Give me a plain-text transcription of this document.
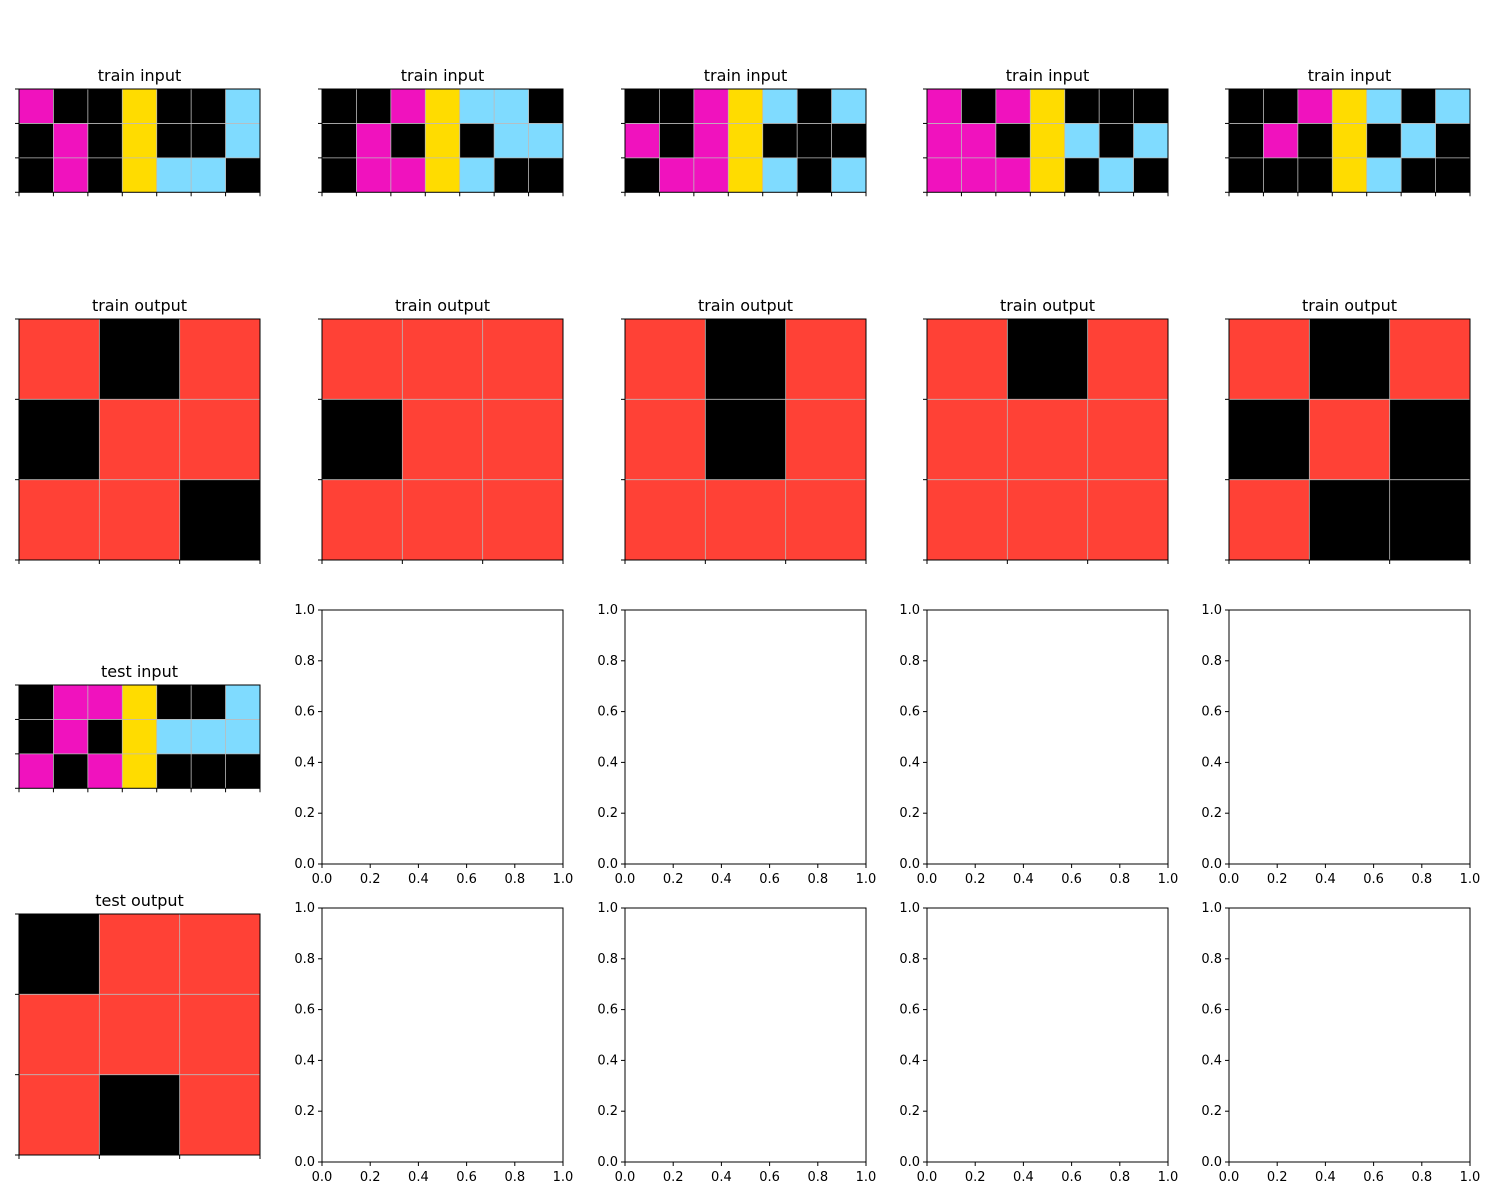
train input	train input	train input	train input	train input
train output	train output	train output	train output	train output
test input
0.0
0.0
0.2
0.2
0.4
0.4
0.6
0.6
0.8
0.8
1.0
1.0
0.0
0.0
0.2
0.2
0.4
0.4
0.6
0.6
0.8
0.8
1.0
1.0
0.0
0.0
0.2
0.2
0.4
0.4
0.6
0.6
0.8
0.8
1.0
1.0
0.0
0.0
0.2
0.2
0.4
0.4
0.6
0.6
0.8
0.8
1.0
1.0
test output
0.0
0.0
0.2
0.2
0.4
0.4
0.6
0.6
0.8
0.8
1.0
1.0
0.0
0.0
0.2
0.2
0.4
0.4
0.6
0.6
0.8
0.8
1.0
1.0
0.0
0.0
0.2
0.2
0.4
0.4
0.6
0.6
0.8
0.8
1.0
1.0
0.0
0.0
0.2
0.2
0.4
0.4
0.6
0.6
0.8
0.8
1.0
1.0
